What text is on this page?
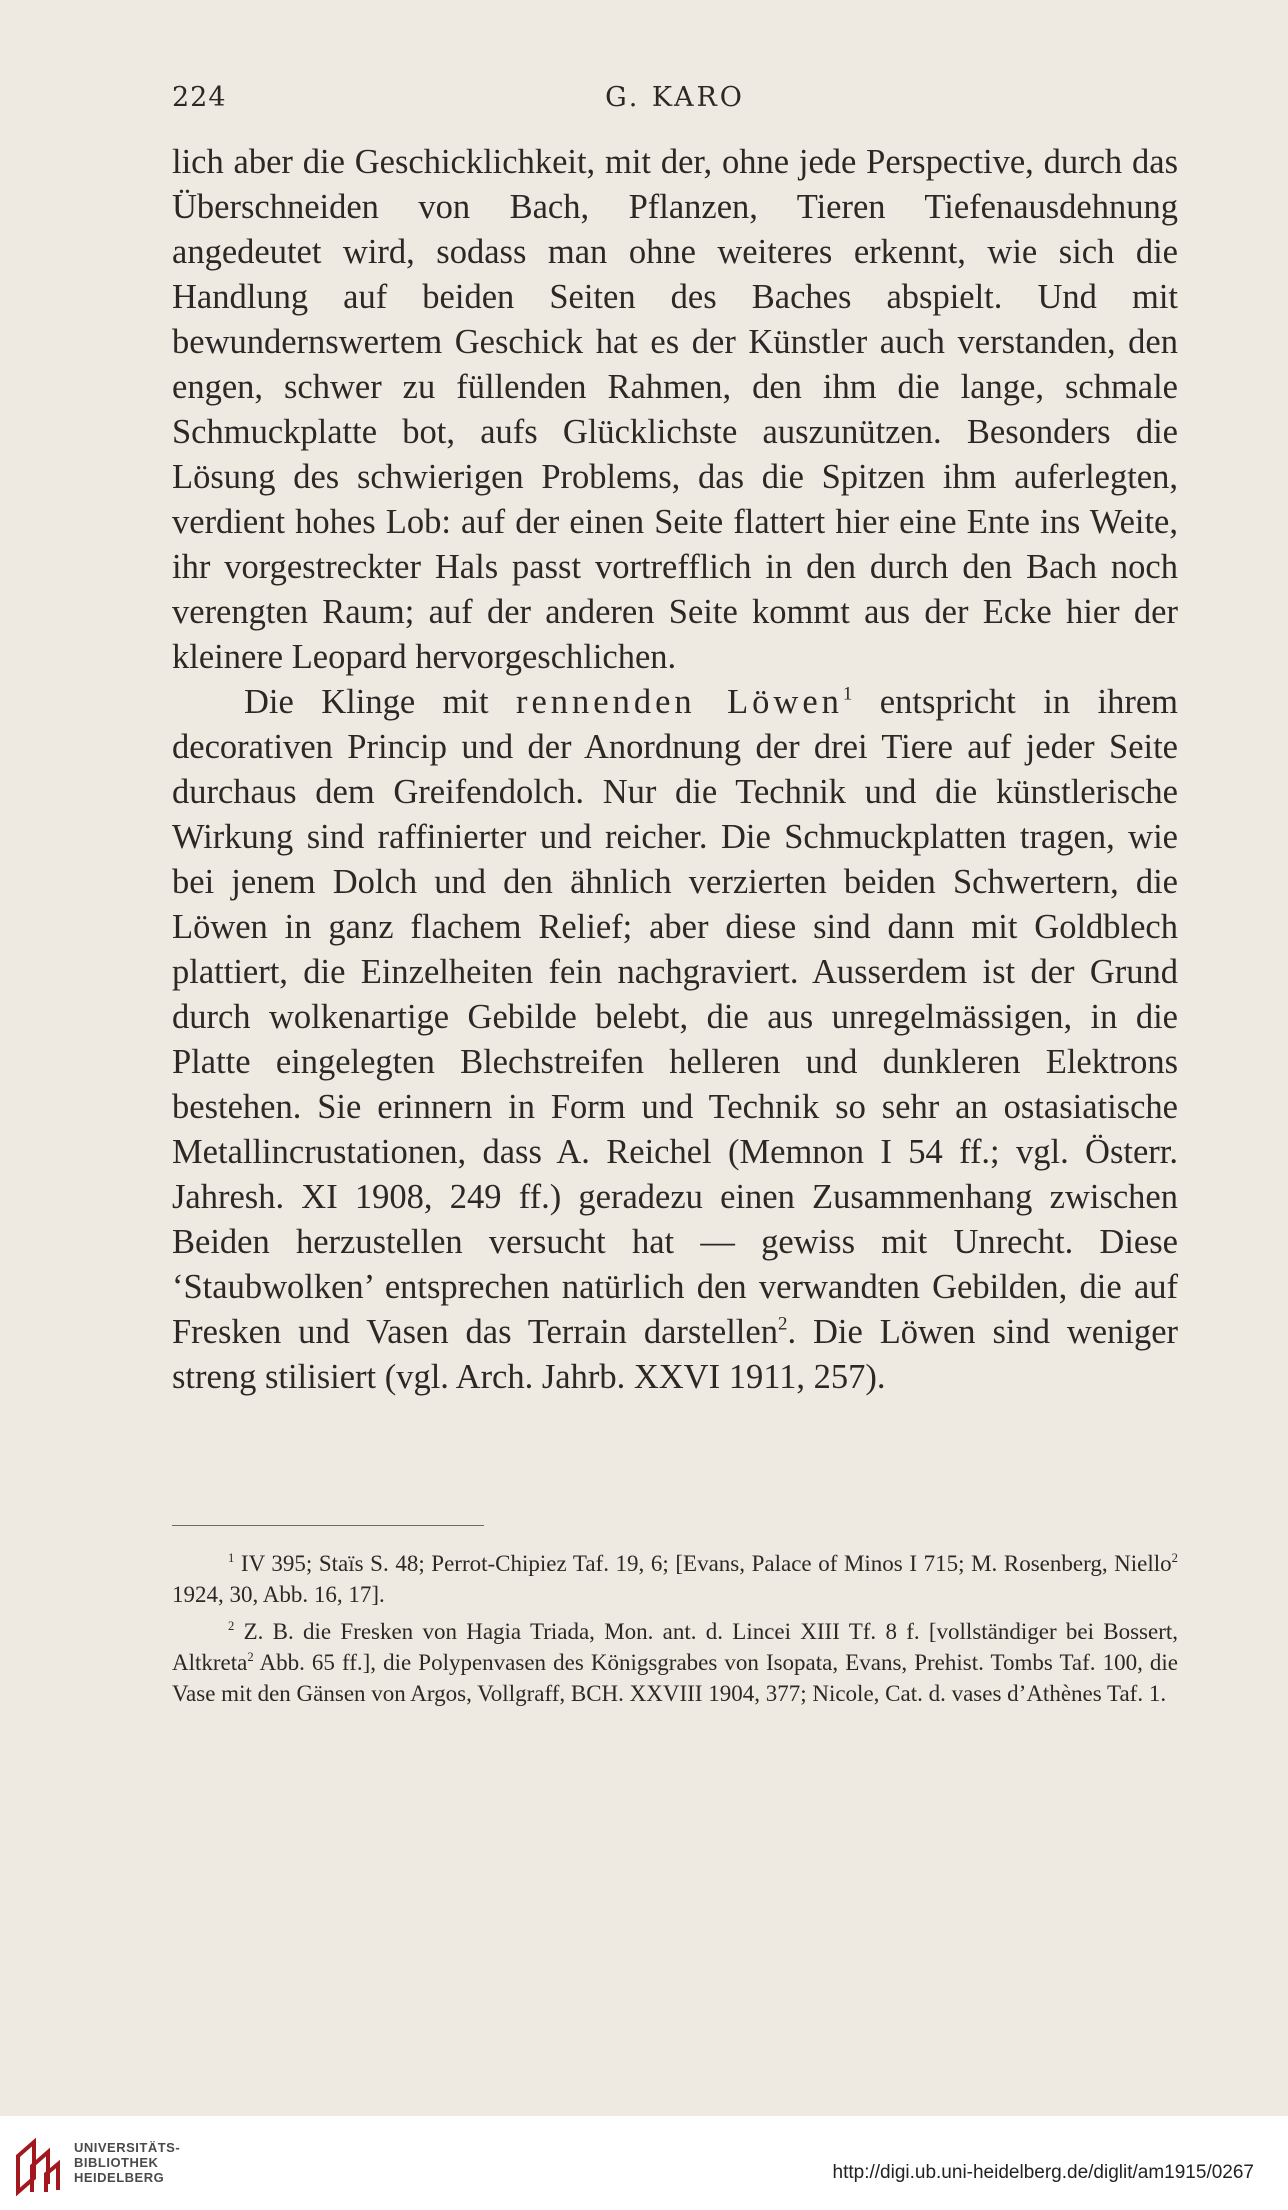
224	G. KARO

lich aber die Geschicklichkeit, mit der, ohne jede Perspective, durch das Überschneiden von Bach, Pflanzen, Tieren Tiefenausdehnung angedeutet wird, sodass man ohne weiteres erkennt, wie sich die Handlung auf beiden Seiten des Baches abspielt. Und mit bewundernswertem Geschick hat es der Künstler auch verstanden, den engen, schwer zu füllenden Rahmen, den ihm die lange, schmale Schmuckplatte bot, aufs Glücklichste auszunützen. Besonders die Lösung des schwierigen Problems, das die Spitzen ihm auferlegten, verdient hohes Lob: auf der einen Seite flattert hier eine Ente ins Weite, ihr vorgestreckter Hals passt vortrefflich in den durch den Bach noch verengten Raum; auf der anderen Seite kommt aus der Ecke hier der kleinere Leopard hervorgeschlichen.

Die Klinge mit rennenden Löwen$^1$ entspricht in ihrem decorativen Princip und der Anordnung der drei Tiere auf jeder Seite durchaus dem Greifendolch. Nur die Technik und die künstlerische Wirkung sind raffinierter und reicher. Die Schmuckplatten tragen, wie bei jenem Dolch und den ähnlich verzierten beiden Schwertern, die Löwen in ganz flachem Relief; aber diese sind dann mit Goldblech plattiert, die Einzelheiten fein nachgraviert. Ausserdem ist der Grund durch wolkenartige Gebilde belebt, die aus unregelmässigen, in die Platte eingelegten Blechstreifen helleren und dunkleren Elektrons bestehen. Sie erinnern in Form und Technik so sehr an ostasiatische Metallincrustationen, dass A. Reichel (Memnon I 54 ff.; vgl. Österr. Jahresh. XI 1908, 249 ff.) geradezu einen Zusammenhang zwischen Beiden herzustellen versucht hat — gewiss mit Unrecht. Diese ‘Staubwolken’ entsprechen natürlich den verwandten Gebilden, die auf Fresken und Vasen das Terrain darstellen$^2$. Die Löwen sind weniger streng stilisiert (vgl. Arch. Jahrb. XXVI 1911, 257).

$^1$ IV 395; Staïs S. 48; Perrot-Chipiez Taf. 19, 6; [Evans, Palace of Minos I 715; M. Rosenberg, Niello$^2$ 1924, 30, Abb. 16, 17].

$^2$ Z. B. die Fresken von Hagia Triada, Mon. ant. d. Lincei XIII Tf. 8 f. [vollständiger bei Bossert, Altkreta$^2$ Abb. 65 ff.], die Polypenvasen des Königsgrabes von Isopata, Evans, Prehist. Tombs Taf. 100, die Vase mit den Gänsen von Argos, Vollgraff, BCH. XXVIII 1904, 377; Nicole, Cat. d. vases d’Athènes Taf. 1.

UNIVERSITÄTS-
BIBLIOTHEK
HEIDELBERG	http://digi.ub.uni-heidelberg.de/diglit/am1915/0267
